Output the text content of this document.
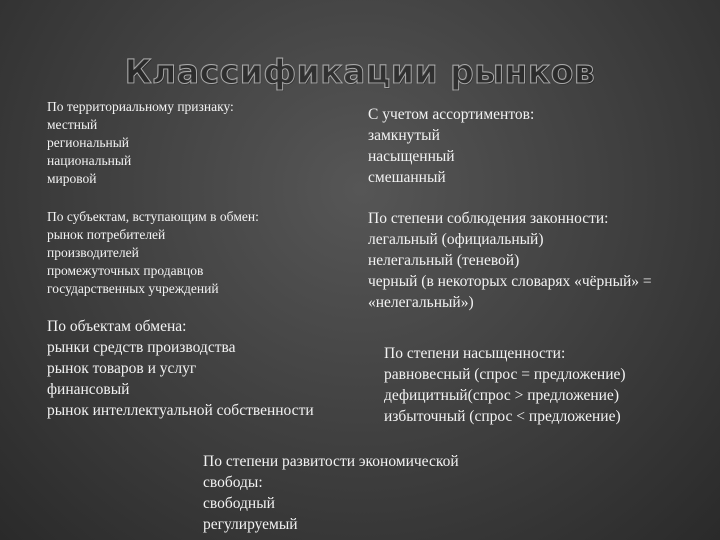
Классификации рынков
По территориальному признаку:
местный
региональный
национальный
мировой
С учетом ассортиментов:
замкнутый
насыщенный
смешанный
По субъектам, вступающим в обмен:
рынок потребителей
производителей
промежуточных продавцов
государственных учреждений
По степени соблюдения законности:
легальный (официальный)
нелегальный (теневой)
черный (в некоторых словарях «чёрный» = «нелегальный»)
По объектам обмена:
рынки средств производства
рынок товаров и услуг
финансовый
рынок интеллектуальной собственности
По степени насыщенности:
равновесный (спрос = предложение)
дефицитный(спрос > предложение)
избыточный (спрос < предложение)
По степени развитости экономической свободы:
свободный
регулируемый
